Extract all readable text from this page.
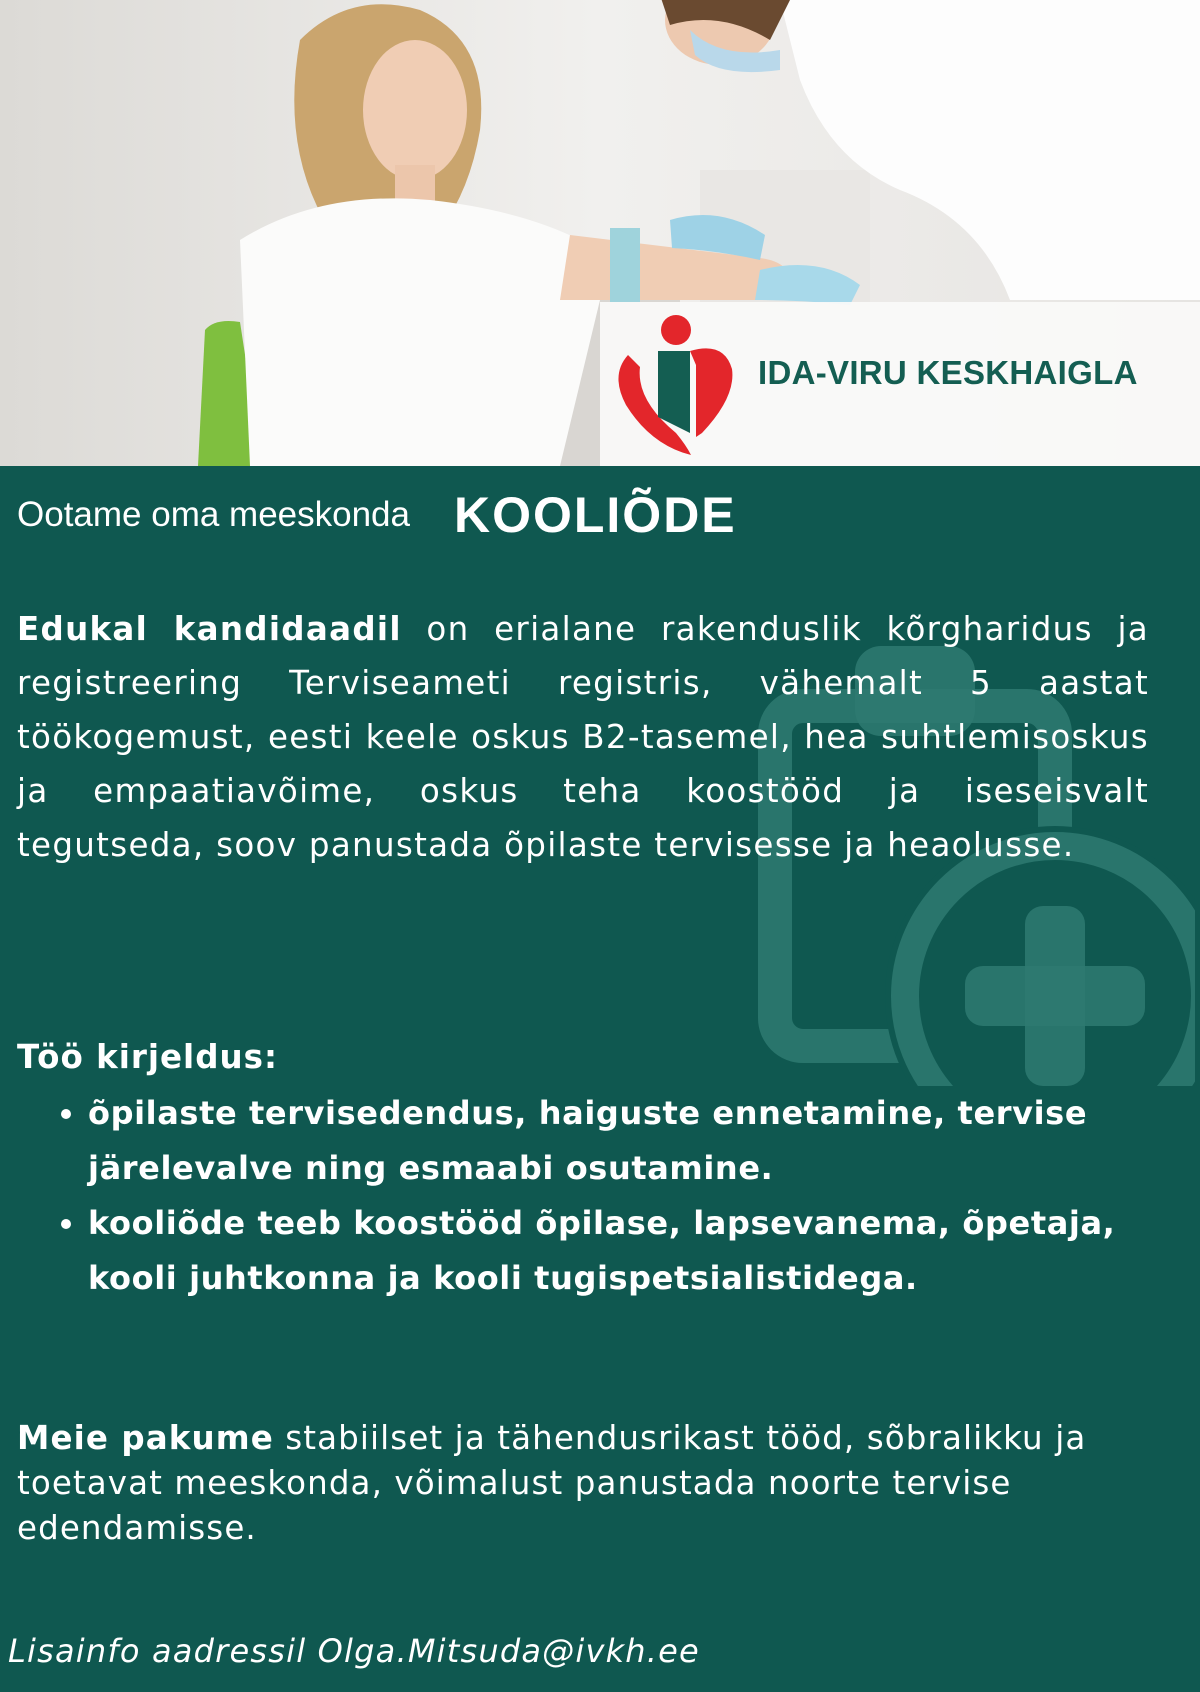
IDA-VIRU KESKHAIGLA
Ootame oma meeskonda KOOLIÕDE
Edukal kandidaadil on erialane rakenduslik kõrgharidus ja registreering Terviseameti registris, vähemalt 5 aastat töökogemust, eesti keele oskus B2-tasemel, hea suhtlemisoskus ja empaatiavõime, oskus teha koostööd ja iseseisvalt tegutseda, soov panustada õpilaste tervisesse ja heaolusse.
Töö kirjeldus:
• õpilaste tervisedendus, haiguste ennetamine, tervise järelevalve ning esmaabi osutamine.
• kooliõde teeb koostööd õpilase, lapsevanema, õpetaja, kooli juhtkonna ja kooli tugispetsialistidega.
Meie pakume stabiilset ja tähendusrikast tööd, sõbralikku ja toetavat meeskonda, võimalust panustada noorte tervise edendamisse.
Lisainfo aadressil Olga.Mitsuda@ivkh.ee
